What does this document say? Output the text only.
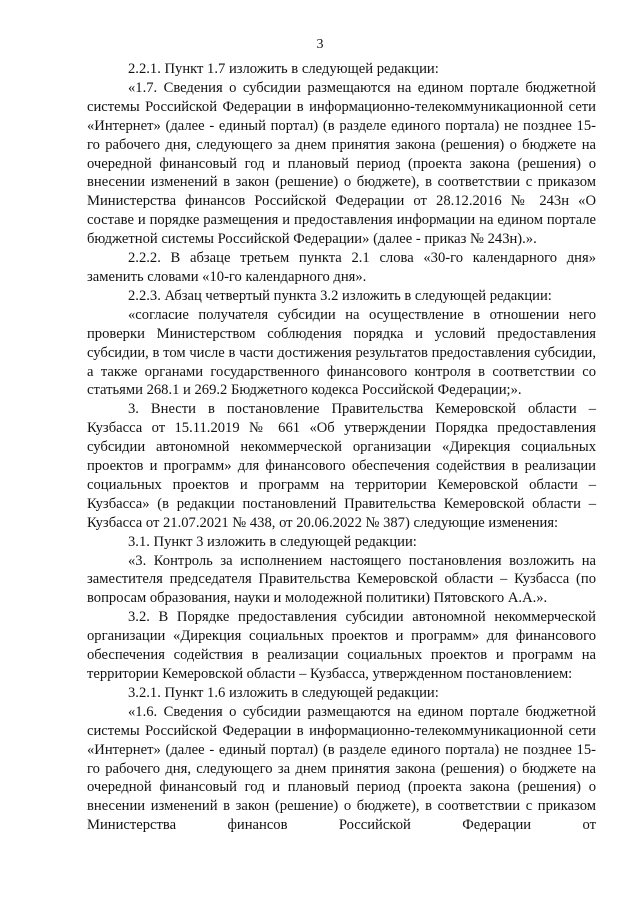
3

2.2.1. Пункт 1.7 изложить в следующей редакции:

«1.7. Сведения о субсидии размещаются на едином портале бюджетной системы Российской Федерации в информационно-телекоммуникационной сети «Интернет» (далее - единый портал) (в разделе единого портала) не позднее 15-го рабочего дня, следующего за днем принятия закона (решения) о бюджете на очередной финансовый год и плановый период (проекта закона (решения) о внесении изменений в закон (решение) о бюджете), в соответствии с приказом Министерства финансов Российской Федерации от 28.12.2016 № 243н «О составе и порядке размещения и предоставления информации на едином портале бюджетной системы Российской Федерации» (далее - приказ № 243н).».

2.2.2. В абзаце третьем пункта 2.1 слова «30-го календарного дня» заменить словами «10-го календарного дня».

2.2.3. Абзац четвертый пункта 3.2 изложить в следующей редакции:

«согласие получателя субсидии на осуществление в отношении него проверки Министерством соблюдения порядка и условий предоставления субсидии, в том числе в части достижения результатов предоставления субсидии, а также органами государственного финансового контроля в соответствии со статьями 268.1 и 269.2 Бюджетного кодекса Российской Федерации;».

3. Внести в постановление Правительства Кемеровской области – Кузбасса от 15.11.2019 № 661 «Об утверждении Порядка предоставления субсидии автономной некоммерческой организации «Дирекция социальных проектов и программ» для финансового обеспечения содействия в реализации социальных проектов и программ на территории Кемеровской области – Кузбасса» (в редакции постановлений Правительства Кемеровской области – Кузбасса от 21.07.2021 № 438, от 20.06.2022 № 387) следующие изменения:

3.1. Пункт 3 изложить в следующей редакции:

«3. Контроль за исполнением настоящего постановления возложить на заместителя председателя Правительства Кемеровской области – Кузбасса (по вопросам образования, науки и молодежной политики) Пятовского А.А.».

3.2. В Порядке предоставления субсидии автономной некоммерческой организации «Дирекция социальных проектов и программ» для финансового обеспечения содействия в реализации социальных проектов и программ на территории Кемеровской области – Кузбасса, утвержденном постановлением:

3.2.1. Пункт 1.6 изложить в следующей редакции:

«1.6. Сведения о субсидии размещаются на едином портале бюджетной системы Российской Федерации в информационно-телекоммуникационной сети «Интернет» (далее - единый портал) (в разделе единого портала) не позднее 15-го рабочего дня, следующего за днем принятия закона (решения) о бюджете на очередной финансовый год и плановый период (проекта закона (решения) о внесении изменений в закон (решение) о бюджете), в соответствии с приказом Министерства финансов Российской Федерации от
